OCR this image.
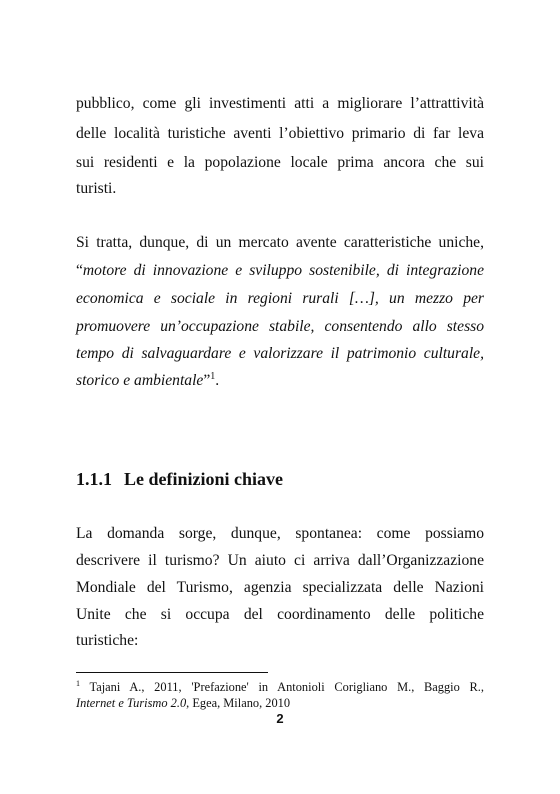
pubblico, come gli investimenti atti a migliorare l’attrattività
delle località turistiche aventi l’obiettivo primario di far leva
sui residenti e la popolazione locale prima ancora che sui
turisti.
Si tratta, dunque, di un mercato avente caratteristiche uniche,
“motore di innovazione e sviluppo sostenibile, di integrazione
economica e sociale in regioni rurali […], un mezzo per
promuovere un’occupazione stabile, consentendo allo stesso
tempo di salvaguardare e valorizzare il patrimonio culturale,
storico e ambientale”$^1$.
1.1.1 Le definizioni chiave
La domanda sorge, dunque, spontanea: come possiamo
descrivere il turismo? Un aiuto ci arriva dall’Organizzazione
Mondiale del Turismo, agenzia specializzata delle Nazioni
Unite che si occupa del coordinamento delle politiche
turistiche:
$^1$ Tajani A., 2011, 'Prefazione' in Antonioli Corigliano M., Baggio R.,
Internet e Turismo 2.0, Egea, Milano, 2010
2
